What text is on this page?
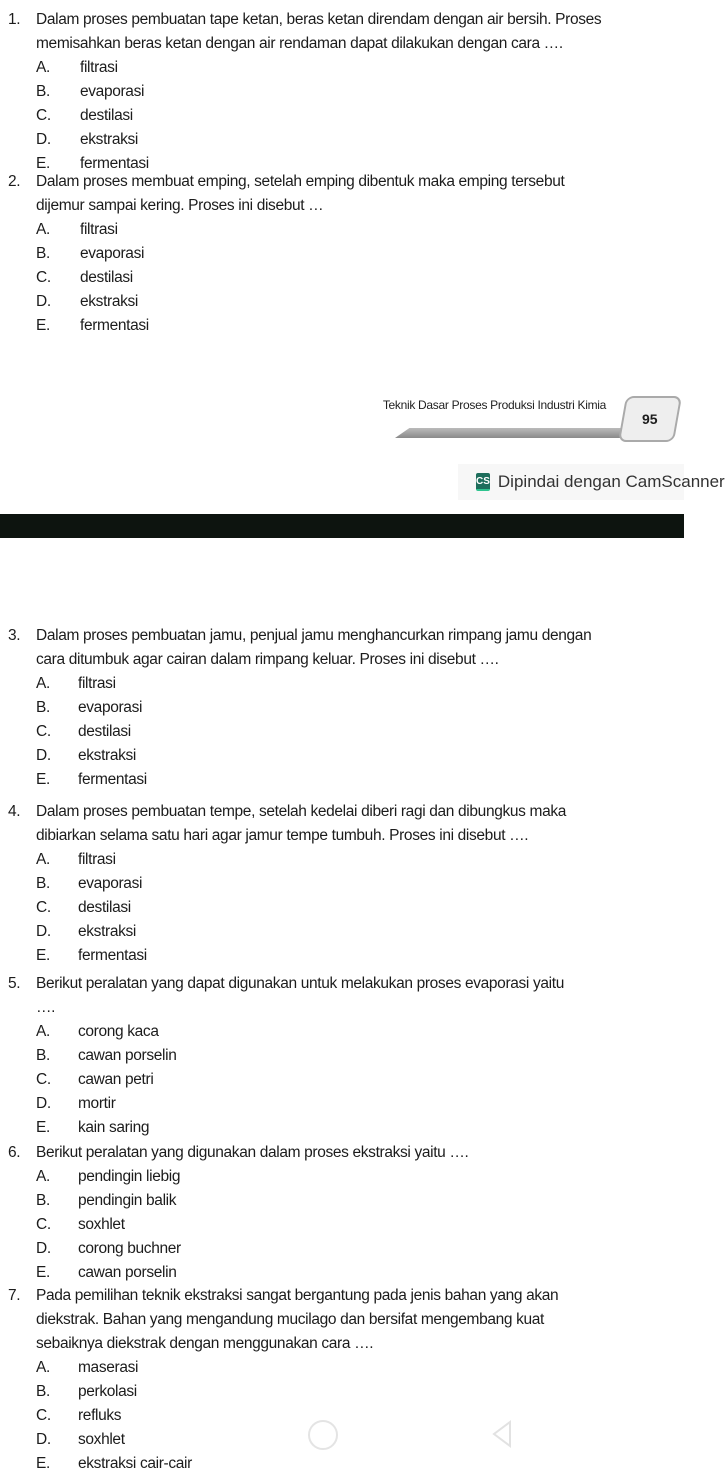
1. Dalam proses pembuatan tape ketan, beras ketan direndam dengan air bersih. Proses
memisahkan beras ketan dengan air rendaman dapat dilakukan dengan cara ….
A. filtrasi
B. evaporasi
C. destilasi
D. ekstraksi
E. fermentasi
2. Dalam proses membuat emping, setelah emping dibentuk maka emping tersebut
dijemur sampai kering. Proses ini disebut …
A. filtrasi
B. evaporasi
C. destilasi
D. ekstraksi
E. fermentasi
3. Dalam proses pembuatan jamu, penjual jamu menghancurkan rimpang jamu dengan
cara ditumbuk agar cairan dalam rimpang keluar. Proses ini disebut ….
A. filtrasi
B. evaporasi
C. destilasi
D. ekstraksi
E. fermentasi
4. Dalam proses pembuatan tempe, setelah kedelai diberi ragi dan dibungkus maka
dibiarkan selama satu hari agar jamur tempe tumbuh. Proses ini disebut ….
A. filtrasi
B. evaporasi
C. destilasi
D. ekstraksi
E. fermentasi
5. Berikut peralatan yang dapat digunakan untuk melakukan proses evaporasi yaitu
….
A. corong kaca
B. cawan porselin
C. cawan petri
D. mortir
E. kain saring
6. Berikut peralatan yang digunakan dalam proses ekstraksi yaitu ….
A. pendingin liebig
B. pendingin balik
C. soxhlet
D. corong buchner
E. cawan porselin
7. Pada pemilihan teknik ekstraksi sangat bergantung pada jenis bahan yang akan
diekstrak. Bahan yang mengandung mucilago dan bersifat mengembang kuat
sebaiknya diekstrak dengan menggunakan cara ….
A. maserasi
B. perkolasi
C. refluks
D. soxhlet
E. ekstraksi cair-cair
Teknik Dasar Proses Produksi Industri Kimia
95
CS Dipindai dengan CamScanner
